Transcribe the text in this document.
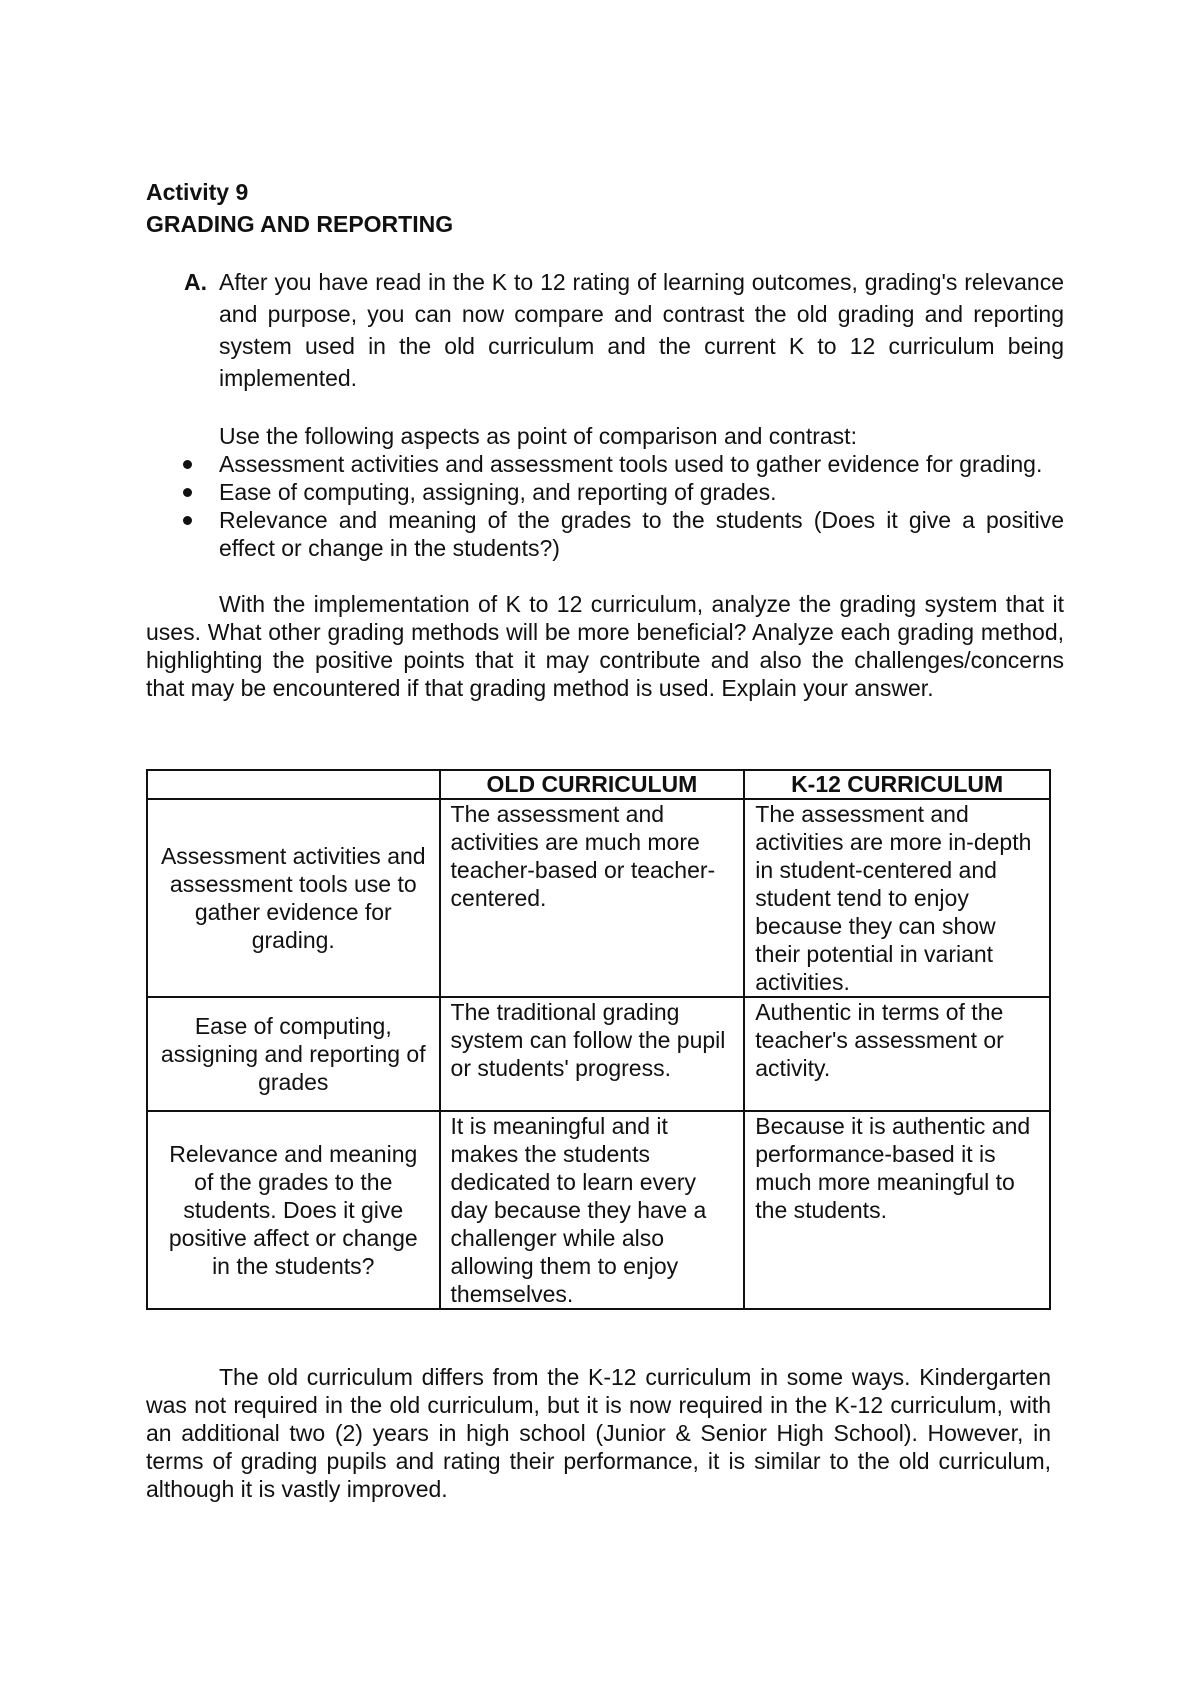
Activity 9

GRADING AND REPORTING

A. After you have read in the K to 12 rating of learning outcomes, grading's relevance and purpose, you can now compare and contrast the old grading and reporting system used in the old curriculum and the current K to 12 curriculum being implemented.

Use the following aspects as point of comparison and contrast:

Assessment activities and assessment tools used to gather evidence for grading.
Ease of computing, assigning, and reporting of grades.
Relevance and meaning of the grades to the students (Does it give a positive effect or change in the students?)

With the implementation of K to 12 curriculum, analyze the grading system that it uses. What other grading methods will be more beneficial? Analyze each grading method, highlighting the positive points that it may contribute and also the challenges/concerns that may be encountered if that grading method is used. Explain your answer.

	OLD CURRICULUM	K-12 CURRICULUM
Assessment activities and assessment tools use to gather evidence for grading.	The assessment and activities are much more teacher-based or teacher-centered.	The assessment and activities are more in-depth in student-centered and student tend to enjoy because they can show their potential in variant activities.
Ease of computing, assigning and reporting of grades	The traditional grading system can follow the pupil or students' progress.	Authentic in terms of the teacher's assessment or activity.
Relevance and meaning of the grades to the students. Does it give positive affect or change in the students?	It is meaningful and it makes the students dedicated to learn every day because they have a challenger while also allowing them to enjoy themselves.	Because it is authentic and performance-based it is much more meaningful to the students.

The old curriculum differs from the K-12 curriculum in some ways. Kindergarten was not required in the old curriculum, but it is now required in the K-12 curriculum, with an additional two (2) years in high school (Junior & Senior High School). However, in terms of grading pupils and rating their performance, it is similar to the old curriculum, although it is vastly improved.
